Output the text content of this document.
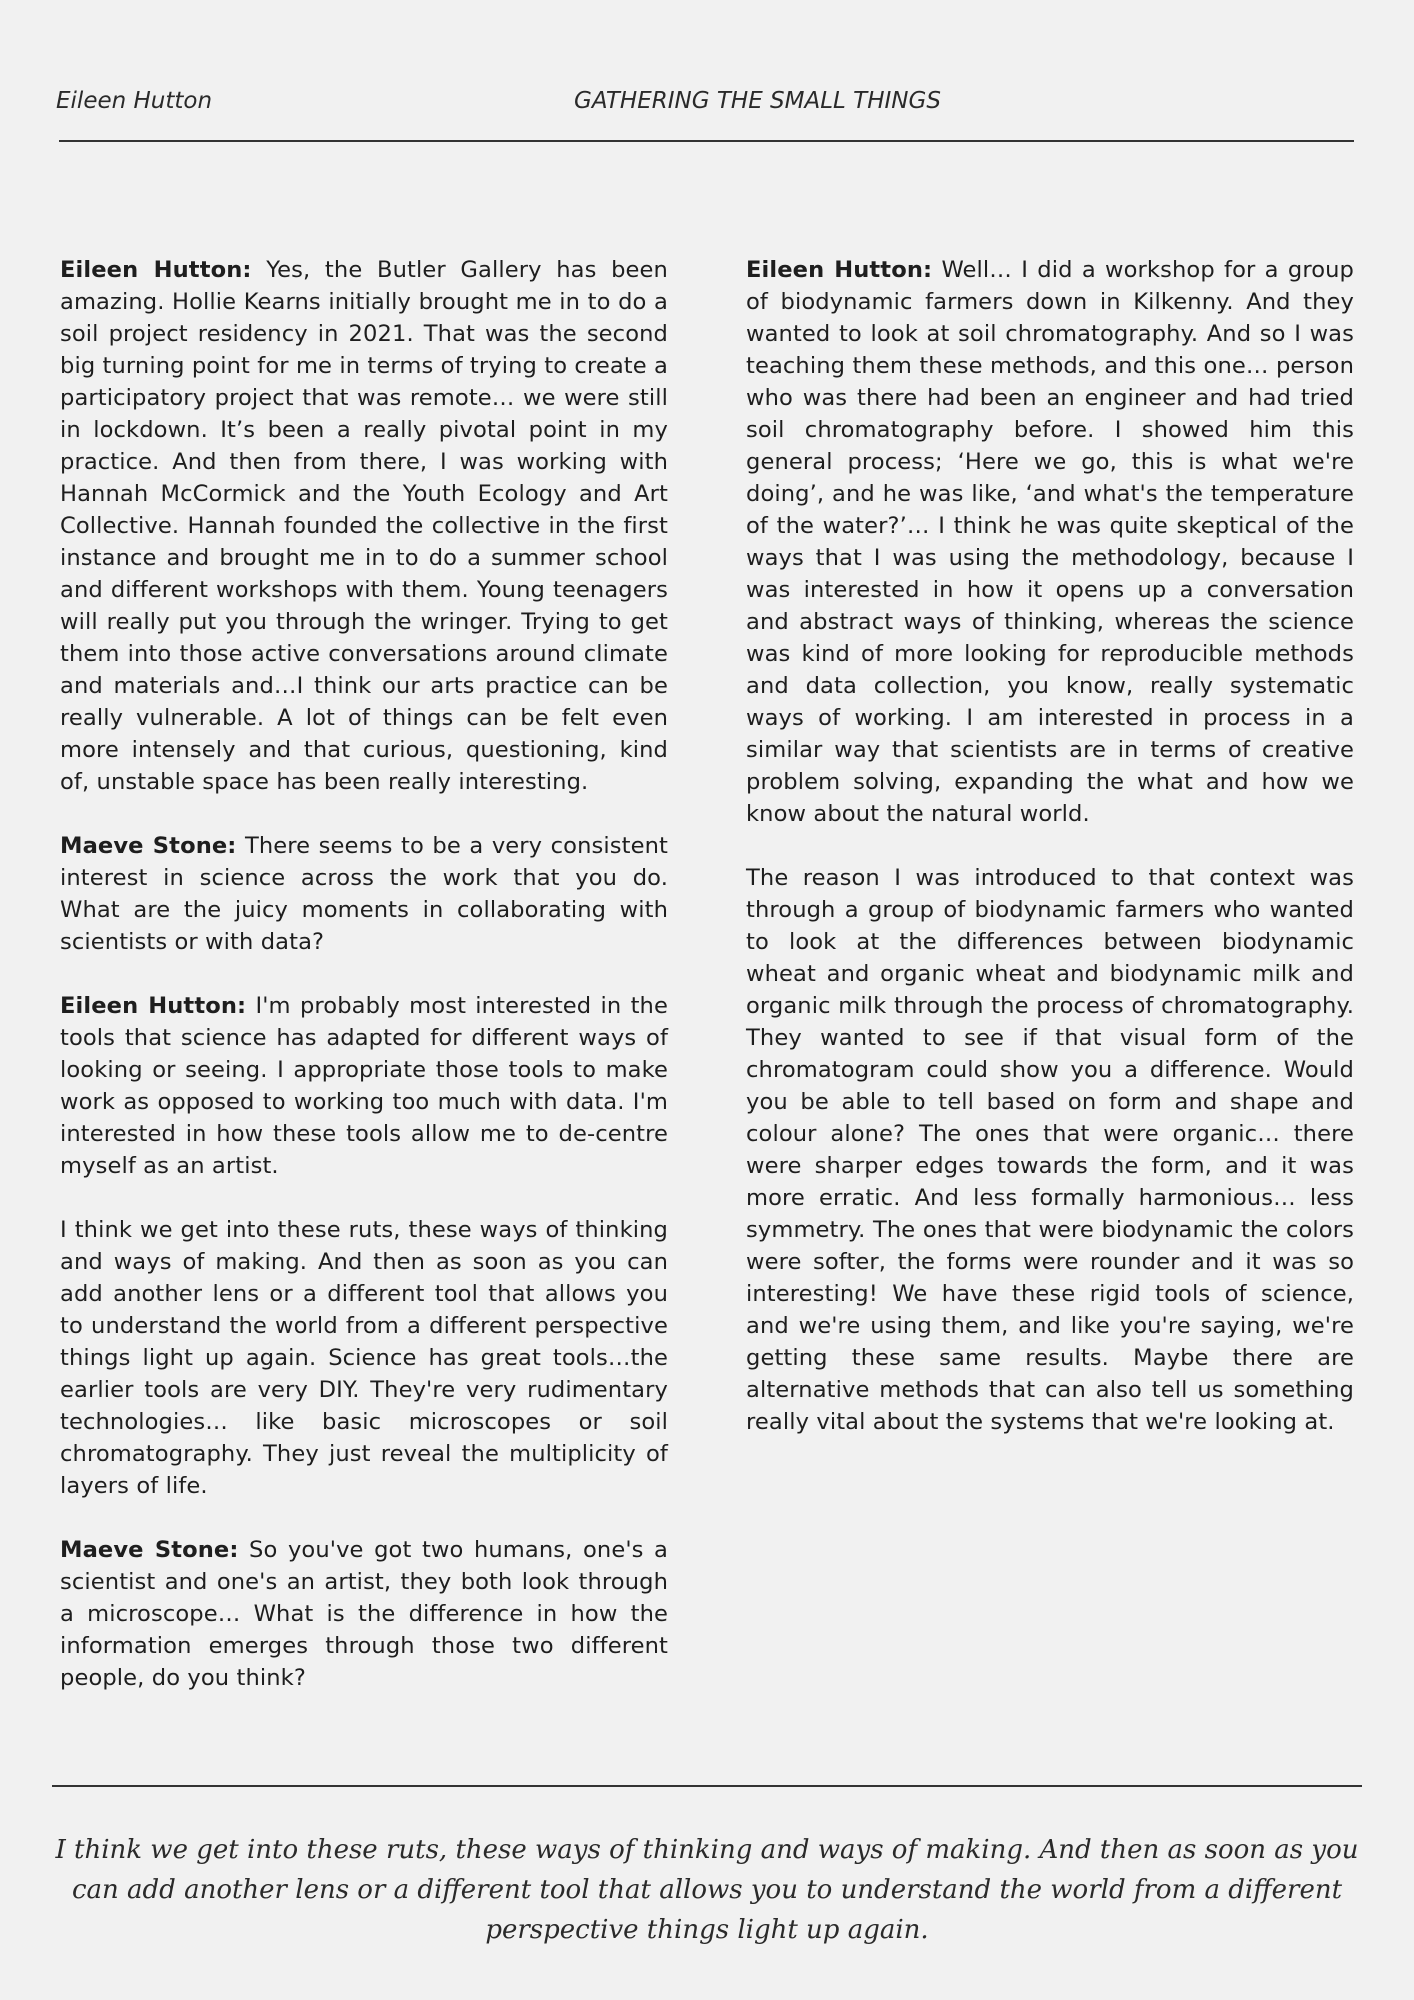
Eileen Hutton	GATHERING THE SMALL THINGS

Eileen Hutton: Yes, the Butler Gallery has been amazing. Hollie Kearns initially brought me in to do a soil project residency in 2021. That was the second big turning point for me in terms of trying to create a participatory project that was remote… we were still in lockdown. It’s been a really pivotal point in my practice. And then from there, I was working with Hannah McCormick and the Youth Ecology and Art Collective. Hannah founded the collective in the first instance and brought me in to do a summer school and different workshops with them. Young teenagers will really put you through the wringer. Trying to get them into those active conversations around climate and materials and…I think our arts practice can be really vulnerable. A lot of things can be felt even more intensely and that curious, questioning, kind of, unstable space has been really interesting.

Maeve Stone: There seems to be a very consistent interest in science across the work that you do. What are the juicy moments in collaborating with scientists or with data?

Eileen Hutton: I'm probably most interested in the tools that science has adapted for different ways of looking or seeing. I appropriate those tools to make work as opposed to working too much with data. I'm interested in how these tools allow me to de-centre myself as an artist.

I think we get into these ruts, these ways of thinking and ways of making. And then as soon as you can add another lens or a different tool that allows you to understand the world from a different perspective things light up again. Science has great tools…the earlier tools are very DIY. They're very rudimentary technologies… like basic microscopes or soil chromatography. They just reveal the multiplicity of layers of life.

Maeve Stone: So you've got two humans, one's a scientist and one's an artist, they both look through a microscope… What is the difference in how the information emerges through those two different people, do you think?

Eileen Hutton: Well… I did a workshop for a group of biodynamic farmers down in Kilkenny. And they wanted to look at soil chromatography. And so I was teaching them these methods, and this one… person who was there had been an engineer and had tried soil chromatography before. I showed him this general process; ‘Here we go, this is what we're doing’, and he was like, ‘and what's the temperature of the water?’… I think he was quite skeptical of the ways that I was using the methodology, because I was interested in how it opens up a conversation and abstract ways of thinking, whereas the science was kind of more looking for reproducible methods and data collection, you know, really systematic ways of working. I am interested in process in a similar way that scientists are in terms of creative problem solving, expanding the what and how we know about the natural world.

The reason I was introduced to that context was through a group of biodynamic farmers who wanted to look at the differences between biodynamic wheat and organic wheat and biodynamic milk and organic milk through the process of chromatography. They wanted to see if that visual form of the chromatogram could show you a difference. Would you be able to tell based on form and shape and colour alone? The ones that were organic… there were sharper edges towards the form, and it was more erratic. And less formally harmonious… less symmetry. The ones that were biodynamic the colors were softer, the forms were rounder and it was so interesting! We have these rigid tools of science, and we're using them, and like you're saying, we're getting these same results. Maybe there are alternative methods that can also tell us something really vital about the systems that we're looking at.

I think we get into these ruts, these ways of thinking and ways of making. And then as soon as you can add another lens or a different tool that allows you to understand the world from a different perspective things light up again.
